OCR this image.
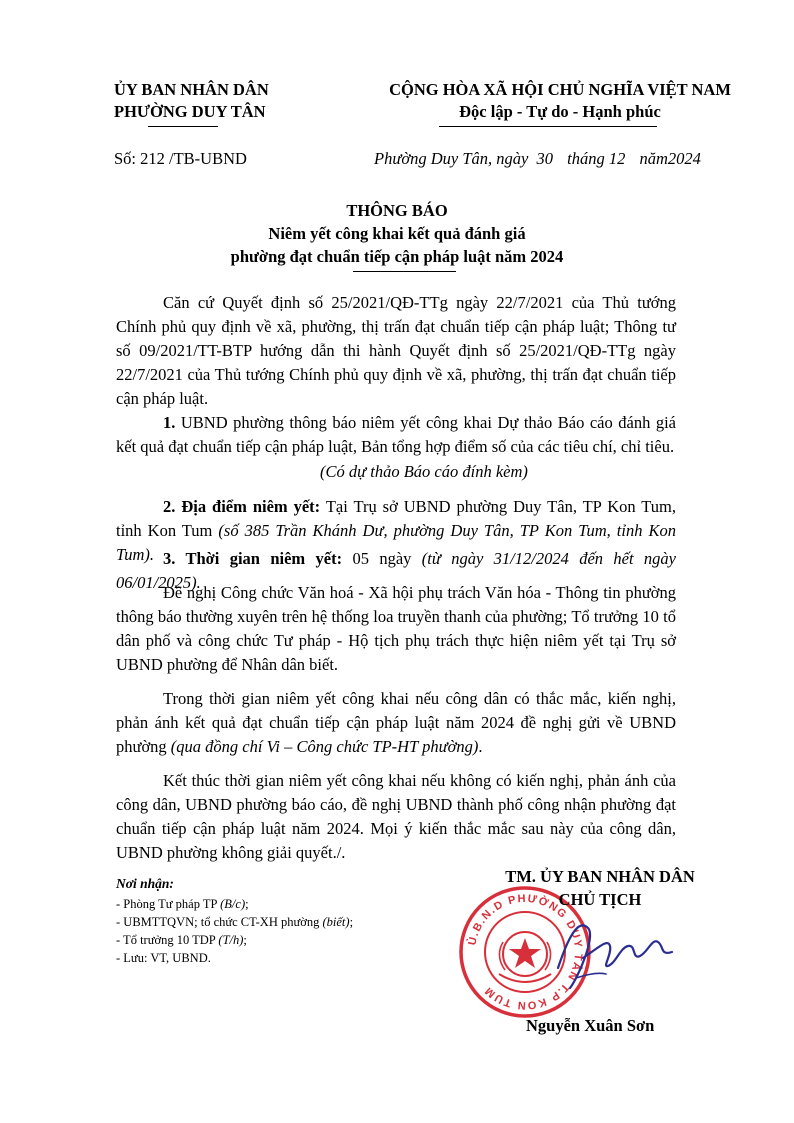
ỦY BAN NHÂN DÂN
PHƯỜNG DUY TÂN
CỘNG HÒA XÃ HỘI CHỦ NGHĨA VIỆT NAM
Độc lập - Tự do - Hạnh phúc
Số: 212 /TB-UBND	Phường Duy Tân, ngày 30 tháng 12 năm2024
THÔNG BÁO
Niêm yết công khai kết quả đánh giá
phường đạt chuẩn tiếp cận pháp luật năm 2024
Căn cứ Quyết định số 25/2021/QĐ-TTg ngày 22/7/2021 của Thủ tướng Chính phủ quy định về xã, phường, thị trấn đạt chuẩn tiếp cận pháp luật; Thông tư số 09/2021/TT-BTP hướng dẫn thi hành Quyết định số 25/2021/QĐ-TTg ngày 22/7/2021 của Thủ tướng Chính phủ quy định về xã, phường, thị trấn đạt chuẩn tiếp cận pháp luật.
1. UBND phường thông báo niêm yết công khai Dự thảo Báo cáo đánh giá kết quả đạt chuẩn tiếp cận pháp luật, Bản tổng hợp điểm số của các tiêu chí, chỉ tiêu.
(Có dự thảo Báo cáo đính kèm)
2. Địa điểm niêm yết: Tại Trụ sở UBND phường Duy Tân, TP Kon Tum, tỉnh Kon Tum (số 385 Trần Khánh Dư, phường Duy Tân, TP Kon Tum, tỉnh Kon Tum). 3. Thời gian niêm yết: 05 ngày (từ ngày 31/12/2024 đến hết ngày 06/01/2025).
Đề nghị Công chức Văn hoá - Xã hội phụ trách Văn hóa - Thông tin phường thông báo thường xuyên trên hệ thống loa truyền thanh của phường; Tổ trưởng 10 tổ dân phố và công chức Tư pháp - Hộ tịch phụ trách thực hiện niêm yết tại Trụ sở UBND phường để Nhân dân biết.
Trong thời gian niêm yết công khai nếu công dân có thắc mắc, kiến nghị, phản ánh kết quả đạt chuẩn tiếp cận pháp luật năm 2024 đề nghị gửi về UBND phường (qua đồng chí Vi – Công chức TP-HT phường).
Kết thúc thời gian niêm yết công khai nếu không có kiến nghị, phản ánh của công dân, UBND phường báo cáo, đề nghị UBND thành phố công nhận phường đạt chuẩn tiếp cận pháp luật năm 2024. Mọi ý kiến thắc mắc sau này của công dân, UBND phường không giải quyết./.
Nơi nhận:
- Phòng Tư pháp TP (B/c);
- UBMTTQVN; tổ chức CT-XH phường (biết);
- Tổ trưởng 10 TDP (T/h);
- Lưu: VT, UBND.
Ủ.B.N.D PHƯỜNG DUY TÂN T.P KON TUM
TM. ỦY BAN NHÂN DÂN
CHỦ TỊCH
Nguyễn Xuân Sơn
